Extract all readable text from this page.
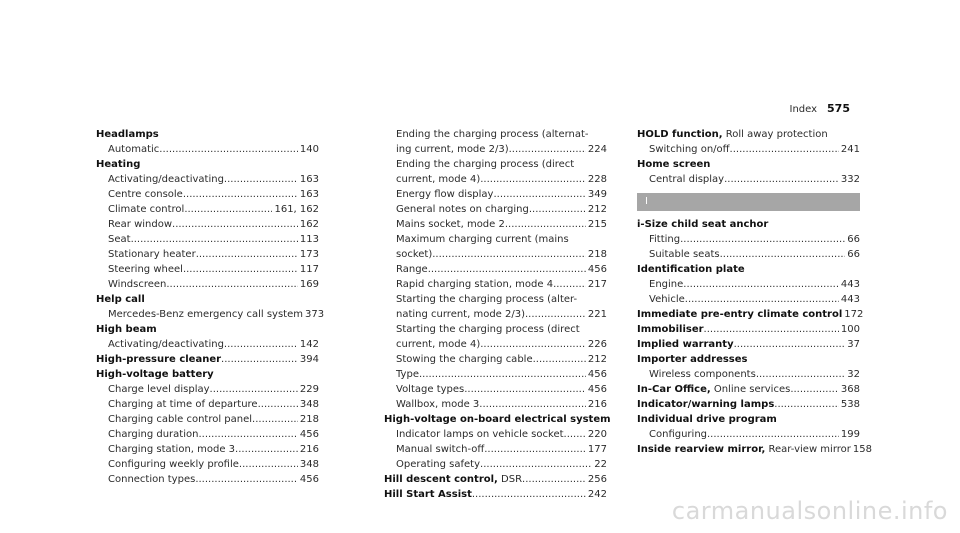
Index 575
Headlamps
Automatic .....	140
Heating
Activating/deactivating .....	163
Centre console .....	163
Climate control .....	161, 162
Rear window .....	162
Seat .....	113
Stationary heater .....	173
Steering wheel .....	117
Windscreen .....	169
Help call
Mercedes-Benz emergency call system 373
High beam
Activating/deactivating .....	142
High-pressure cleaner .....	394
High-voltage battery
Charge level display .....	229
Charging at time of departure .....	348
Charging cable control panel .....	218
Charging duration .....	456
Charging station, mode 3 .....	216
Configuring weekly profile .....	348
Connection types .....	456
Ending the charging process (alternat-
ing current, mode 2/3) .....	224
Ending the charging process (direct
current, mode 4) .....	228
Energy flow display .....	349
General notes on charging .....	212
Mains socket, mode 2 .....	215
Maximum charging current (mains
socket) .....	218
Range .....	456
Rapid charging station, mode 4 .....	217
Starting the charging process (alter-
nating current, mode 2/3) .....	221
Starting the charging process (direct
current, mode 4) .....	226
Stowing the charging cable .....	212
Type .....	456
Voltage types .....	456
Wallbox, mode 3 .....	216
High-voltage on-board electrical system
Indicator lamps on vehicle socket ..... 220
Manual switch-off .....	177
Operating safety .....	22
Hill descent control, DSR .....	256
Hill Start Assist .....	242
HOLD function, Roll away protection
Switching on/off .....	241
Home screen
Central display .....	332
I
i-Size child seat anchor
Fitting .....	66
Suitable seats .....	66
Identification plate
Engine .....	443
Vehicle .....	443
Immediate pre-entry climate control 172
Immobiliser .....	100
Implied warranty .....	37
Importer addresses
Wireless components .....	32
In-Car Office, Online services .....	368
Indicator/warning lamps .....	538
Individual drive program
Configuring .....	199
Inside rearview mirror, Rear-view mirror 158
carmanualsonline.info
